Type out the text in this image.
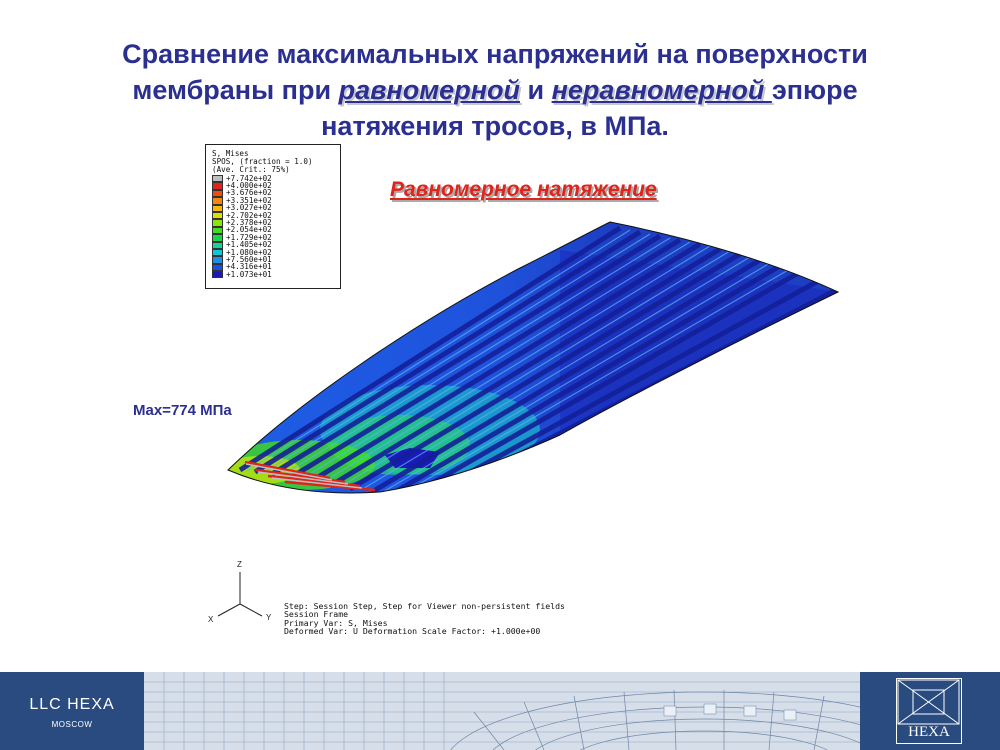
Сравнение максимальных напряжений на поверхности мембраны при равномерной и неравномерной эпюре натяжения тросов, в МПа.
S, Mises
SPOS, (fraction = 1.0)
(Ave. Crit.: 75%)
+7.742e+02
+4.000e+02
+3.676e+02
+3.351e+02
+3.027e+02
+2.702e+02
+2.378e+02
+2.054e+02
+1.729e+02
+1.405e+02
+1.080e+02
+7.560e+01
+4.316e+01
+1.073e+01
Равномерное натяжение
Max=774 МПа
Z
X	Y
Step: Session Step, Step for Viewer non-persistent fields
Session Frame
Primary Var: S, Mises
Deformed Var: U Deformation Scale Factor: +1.000e+00
LLC HEXA
MOSCOW	HEXA
